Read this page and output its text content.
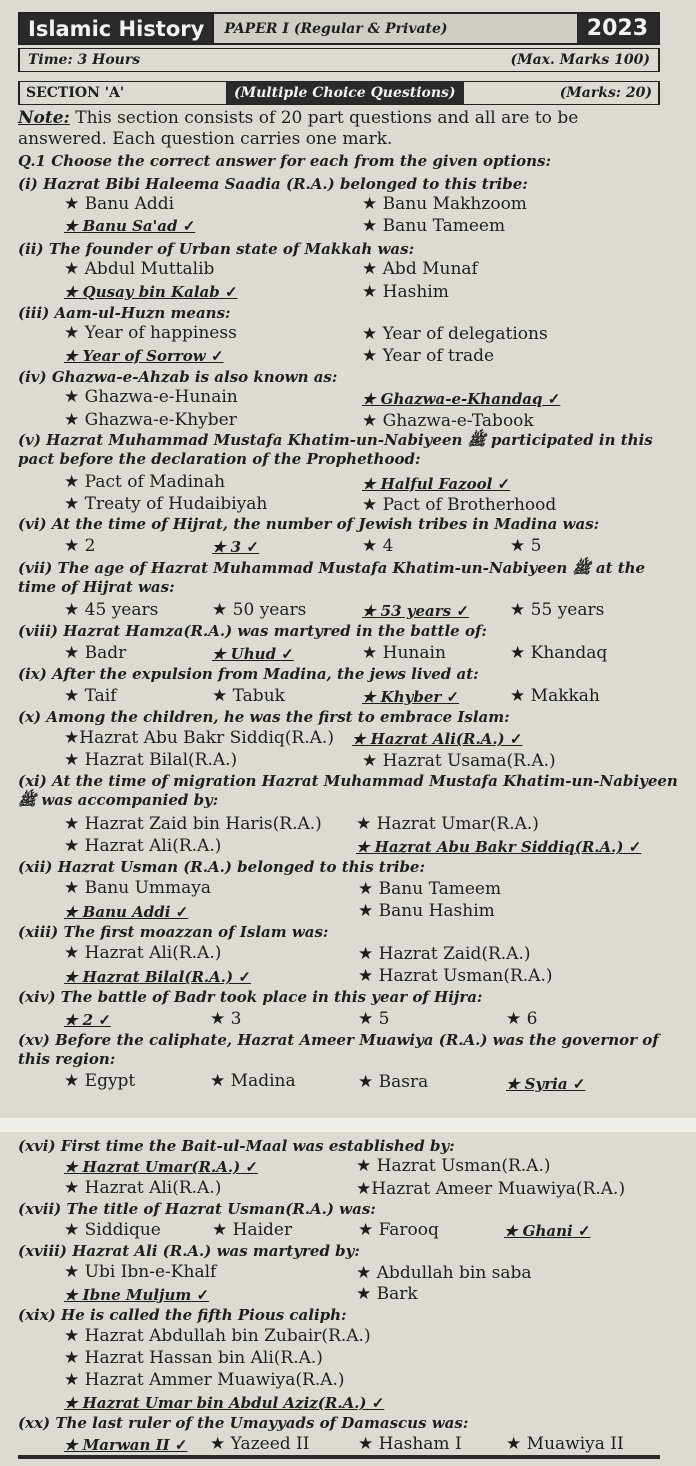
Islamic History	PAPER I (Regular & Private)	2023
Time: 3 Hours	(Max. Marks 100)
SECTION 'A'	(Multiple Choice Questions)	(Marks: 20)
Note: This section consists of 20 part questions and all are to be answered. Each question carries one mark.
Q.1 Choose the correct answer for each from the given options:
(i) Hazrat Bibi Haleema Saadia (R.A.) belonged to this tribe:
★ Banu Addi	★ Banu Makhzoom
★ Banu Sa'ad ✓	★ Banu Tameem
(ii) The founder of Urban state of Makkah was:
★ Abdul Muttalib	★ Abd Munaf
★ Qusay bin Kalab ✓	★ Hashim
(iii) Aam-ul-Huzn means:
★ Year of happiness	★ Year of delegations
★ Year of Sorrow ✓	★ Year of trade
(iv) Ghazwa-e-Ahzab is also known as:
★ Ghazwa-e-Hunain	★ Ghazwa-e-Khandaq ✓
★ Ghazwa-e-Khyber	★ Ghazwa-e-Tabook
(v) Hazrat Muhammad Mustafa Khatim-un-Nabiyeen ﷺ participated in this pact before the declaration of the Prophethood:
★ Pact of Madinah	★ Halful Fazool ✓
★ Treaty of Hudaibiyah	★ Pact of Brotherhood
(vi) At the time of Hijrat, the number of Jewish tribes in Madina was:
★ 2	★ 3 ✓	★ 4	★ 5
(vii) The age of Hazrat Muhammad Mustafa Khatim-un-Nabiyeen ﷺ at the time of Hijrat was:
★ 45 years	★ 50 years	★ 53 years ✓	★ 55 years
(viii) Hazrat Hamza(R.A.) was martyred in the battle of:
★ Badr	★ Uhud ✓	★ Hunain	★ Khandaq
(ix) After the expulsion from Madina, the jews lived at:
★ Taif	★ Tabuk	★ Khyber ✓	★ Makkah
(x) Among the children, he was the first to embrace Islam:
★Hazrat Abu Bakr Siddiq(R.A.) ★ Hazrat Ali(R.A.) ✓
★ Hazrat Bilal(R.A.)	★ Hazrat Usama(R.A.)
(xi) At the time of migration Hazrat Muhammad Mustafa Khatim-un-Nabiyeen ﷺ was accompanied by:
★ Hazrat Zaid bin Haris(R.A.) ★ Hazrat Umar(R.A.)
★ Hazrat Ali(R.A.)	★ Hazrat Abu Bakr Siddiq(R.A.) ✓
(xii) Hazrat Usman (R.A.) belonged to this tribe:
★ Banu Ummaya	★ Banu Tameem
★ Banu Addi ✓	★ Banu Hashim
(xiii) The first moazzan of Islam was:
★ Hazrat Ali(R.A.)	★ Hazrat Zaid(R.A.)
★ Hazrat Bilal(R.A.) ✓	★ Hazrat Usman(R.A.)
(xiv) The battle of Badr took place in this year of Hijra:
★ 2 ✓	★ 3	★ 5	★ 6
(xv) Before the caliphate, Hazrat Ameer Muawiya (R.A.) was the governor of this region:
★ Egypt	★ Madina	★ Basra	★ Syria ✓
(xvi) First time the Bait-ul-Maal was established by:
★ Hazrat Umar(R.A.) ✓	★ Hazrat Usman(R.A.)
★ Hazrat Ali(R.A.)	★Hazrat Ameer Muawiya(R.A.)
(xvii) The title of Hazrat Usman(R.A.) was:
★ Siddique	★ Haider	★ Farooq	★ Ghani ✓
(xviii) Hazrat Ali (R.A.) was martyred by:
★ Ubi Ibn-e-Khalf	★ Abdullah bin saba
★ Ibne Muljum ✓	★ Bark
(xix) He is called the fifth Pious caliph:
★ Hazrat Abdullah bin Zubair(R.A.)
★ Hazrat Hassan bin Ali(R.A.)
★ Hazrat Ammer Muawiya(R.A.)
★ Hazrat Umar bin Abdul Aziz(R.A.) ✓
(xx) The last ruler of the Umayyads of Damascus was:
★ Marwan II ✓	★ Yazeed II	★ Hasham I	★ Muawiya II
